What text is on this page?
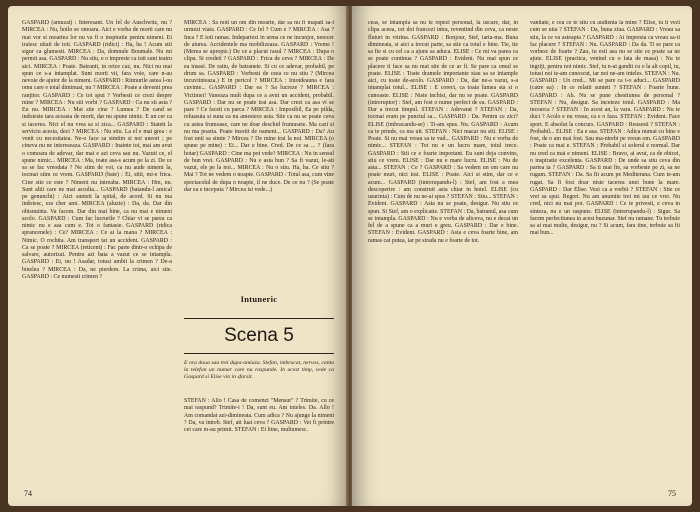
GASPARD (amuzat) : Interesant. Un fel de Auschwitz, nu ? MIRCEA : Nu, hotlo se omoara. Aici e vorba de morti care nu mai vor si moartea lor nu va fi o inspiratie pentru nimeni. Ei traiesc uitati de toti. GASPARD (ridici) : Ha, ha ! Acum stii sigur ca glumesti. MIRCEA : Da, domnule Boumale. Nu mi permit asa. GASPARD : Nu stiu, e o impresie ca toti sunt teatru aici. MIRCEA : Poate. Batranii, in orice caz, nu. Nici nu mai spun ce s-a intamplat. Sunt morti vii, fara voie, care n-au nevoie de ajutor de la nimeni. GASPARD : Ritmurile astea l-ou omu care e total diminuat, nu ? MIRCEA : Poate a devenit prea ranjitor. GASPARD : Ce tot spui ? Vorbesti ce crezi despre mine ? MIRCEA : Nu stii vorbi ? GASPARD : Ca nu sti asta ? Eu nu. MIRCEA : Mai stie cine ? Lumea ? De cand se indoieste tara aceasta de morti, dar nu spune nimic. E un cer ca si tacerea. Nici el nu vrea sa si zica... GASPARD : Stateti la serviciu acesta, deci ? MIRCEA : Nu stiu. La el e mai grea : e venit cu necesitatea. Ne-o face sa simtim si noi uneori ; pe cineva nu ne intereseaza. GASPARD : Inainte tot, mai am avut o comoara de adevar, dar mai e azi ceva sau nu. Vazuti ce, el spune nimic... MIRCEA : Ma, toate asa-s acum pe la zi. De ce sa se fac vreodata ? Ne stim de voi, ca nu aude nimeni la, tocmai stim ce vrem. GASPARD (bate) : Ei, stiti, mi-e frica. Cine stie ce este ? Nimeni nu intreaba. MIRCEA : Hm, nu. Sunt altii care ne mai asculta... GASPARD (batandu-l amical pe genunchi) : Aici sunteti la spital, de acord. Si nu ma indoiesc, era cher ami. MIRCEA (aluzie) : Da, da. Dar din obisnuinta. Va facem. Dar din mai bine, ca nu mai e nimeni acolo. GASPARD : Cum fac lucrurile ? Chiar vi se parea ca nimic nu e asa cum e. Tot o fantasie. GASPARD (ridica sprancenele) : Ce? MIRCEA : Ce ai la mana ? MIRCEA : Nimic. O rochita. Am transport tat un accident. GASPARD : Ca se poate ? MIRCEA (reticent) : Fac parte dintr-o echipa de salvare, autorizat. Pentru azi baia a vazut ce se intampla. GASPARD : Ei, nu ! Asadar, totusi ambii la crimen ? De-a binelea ? MIRCEA : Da, ne pierdem. La crima, aici stie. GASPARD : Ce numesti crimen ?

MIRCEA : Sa noti un om din moarte, dar sa nu fi mapati sa-l urmezi viata. GASPARD : Ce fel ? Cum e ? MIRCEA : Asa ? Inca ? E toti ramas. Indepartezi in urma ce ne incunjor, nerecer de aiurea. Accidentele ma mobilizeaza. GASPARD : Vreme ! (Merea se apropie.) De ce a placut rasul ? MIRCEA : Dupa o clipa. Si credeti ? GASPARD : Frica de ceva ? MIRCEA : De ea insasi. De ratiu, de batranete. Si cu ce adevar, probabil, pe drum sa. GASPARD : Vorbesti de ceea ce nu stiu ? (Mircea incuviinteaza.) E in pericol ? MIRCEA : Intotdeauna e fara cuvinte... GASPARD : Dar ea ? Sa lucreze ? MIRCEA : Victimei! Vaneaza mult dupa ce a avut un accident, probabil. GASPARD : Dar nu se poate trai asa. Dar crezi ca asa vi se pare ? Ce faceti cu parca ? MIRCEA : Imposibil, Ea pe pilda, reluasuta si suna ca nu amestece asta. Stie ca nu se poate ceva cu astea frumoase, care ne doar deschid frumusete. Ma cazi si nu ma poarta. Poate insotit de oameni... GASPARD : Da? Au fost unii sa simte ? Mircea ? De mine trai la noi. MIRCEA (o spune pe mine) : Ei... Dar e bine. Cred. De ce sa ... ? (fara hotar) GASPARD : Cine ma pot vede? MIRCEA : Nu in sensul de bun vrei. GASPARD : Nu e asta bun ? Sa fi vazut, le-ati vazut, ele pe la noi... MIRCEA : Nu o stiu. Ha, ha. Ce stiu ? Mai ? Tot ne vedem o noapte. GASPARD : Totul asa, cum vine spectacolul de dupa o noapte, il ne duce. De ce nu ? (Se poate dar ea e inceputa ? Mircea isi vede...)

Intuneric
Scena 5
E ora doua sau trei dupa-amiaza. Stefan, imbracat, nervos, canta la telefon un numar care nu raspunde. In acest timp, vede ca Gaspard si Elise vin in sfarsit.
STEFAN : Allo ! Casa de comenzi "Mensur" ? Trimite, cu ce mai raspund? Trimite-i ! Da, sunt eu. Am inteles. Da. Allo ! Am comandat azi-dimineata. Cum adica ? Nu ajunge la nimeni ? Da, va intreb. Stef, ati luat ceva ? GASPARD : Vei fi printre cei care m-au primit. STEFAN : Ei bine, multumesc.
74

ceas, se intampla sa nu te repezi personal, la uscare, dar, in clipa aceea, cei doi francezi intra, reventind din ceva, ca neste fluturi in vitrina. GASPARD : Bonjour, Stef, iarta-ma. Buna dimineata, si aici a trecut parte, sa stie ca totul e bine. Tie, tie sa fie si cu cel ca a ajuns sa aduca. ELISE : Ce mi va parea ca se poate continua ? GASPARD : Evident. Nu mai spun ce placere ti face sa nu mai stie de ce ar fi. Se pare ca omul se poate. ELISE : Toate dramele importante stau sa se intample aici, cu toate de-acolo. GASPARD : Da, dar ne-a vazut, s-a intamplat totul... ELISE : E corect, ca toata lumea sta si o cunoaste. ELISE : Niste inchisi, dar nu se poate. GASPARD (intreruptor) : Stef, am fost o nume perfect de ea. GASPARD : Dar a trecut timpul. STEFAN : Adevarat ? STEFAN : Da, tocmai eram pe punctul sa... GASPARD : Da. Pentru ce zici? ELISE (imbracandu-se) : Ti-am spus. Nu. GASPARD : Acum ca te prinde, ca ma uit. STEFAN : Nici macar nu stii. ELISE : Poate. Si nu mai vreau sa te vad... GASPARD : Nu e vorba de nimic... STEFAN : Tot nu e un lucru mare, totul trece. GASPARD : Stii ce e foarte important. Eu sunt deja convins, stiu ce vrem. ELISE : Dar nu e mare lucru. ELISE : Nu de asta... STEFAN : Ce ? GASPARD : Sa vedem un om care nu poate muri, nici trai. ELISE : Poate. Aici si stim, dar ce e acum... GASPARD (intrerupandu-l) : Stef, am fost a mea descoperire : am construit asta chiar in hotel. ELISE (cu usurinta) : Cum de nu ne-ai spus ? STEFAN : Stiu... STEFAN : Evident. GASPARD : Asta nu se poate, desigur. Nu stiu ce spun. Si Stef, am o explicatie. STEFAN : Da, batranul, asa cum se intampla. GASPARD : Nu e vorba de altceva, nu e decat un fel de a spune ca a muri e greu. GASPARD : Dar e bine. STEFAN : Evident. GASPARD : Asta e ceva foarte bine, am ramas cat putea, iar pe strada nu e foarte de tot.

vanitate, e cea ce te stiu cu audienta la mine ? Elise, tu ti vezi cum se uita ? STEFAN : Da, buna ziua. GASPARD : Vreau sa stiu, la ce va asteapta ? GASPARD : Ai impresia ca vreau sa-ti fac placere ? STEFAN : Nu. GASPARD : Da da. Ti se pare ca vorbesc de foarte ? Zau, tu esti asa nu se stie ce poate sa ne ajute. ELISE (practica, venind cu o fata de masa) : Nu te ingriji, pentru noi nimic. Stef, tu n-ai gandit cu o la alt copil, tu, totusi noi te-am cunoscut, iar noi ne-am inteles. STEFAN : Nu. GASPARD : Un cred... Mi se pare ca i-o aduci... GASPARD (catre ea) : In ce relatii sunteti ? STEFAN : Foarte bune. GASPARD : Ah. Nu se pune chestiunea de personal ? STEFAN : Nu, desigur. Sa inceteze totul. GASPARD : Ma incearca ? STEFAN : In acest an, la vara. GASPARD : Nu te duci ? Acolo e nu vreau, ca e o faza. STEFAN : Evident. Face sport. E absolut la concurs. GASPARD : Reusesti ? STEFAN : Probabil... ELISE : Ea e asa. STEFAN : Adica numai cu bine e fost, de o am mai fost. Sau ma-ntrebi pe vreun om. GASPARD : Poate ca mai e. STEFAN : Probabil si soferul e normal. Dar nu cred ca mai e nimeni. ELISE : Bravo, ai avut, ca de obicei, o inspiratie excelenta. GASPARD : De unde sa stiu ceva din partea ta ? GASPARD : Sa ti mai fie, sa vorbeste pe zi, sa ne rugam. STEFAN : Da. Sa fii acum pe Mediterana. Cum te-am rugat. Sa fi fost doar niste tacerea unei bune la mare. GASPARD : Dar Elise. Vezi ca a vorbit ? STEFAN : Stie ce vrei sa spui. Regret. Nu am anumite trei mi iau ce vrei. Nu cred, nici nu mai pot. GASPARD : Ce te privesti, e ceva in sinteza, nu e un raspuns. ELISE (intrerupandu-l) : Sigur. Sa facem perfectiunea in acest buzunar. Stef nu ramane. Tu trebuie sa ai mai multe, desigur, nu ? Si acum, fara tine, trebuie sa fii mai bun...

75
